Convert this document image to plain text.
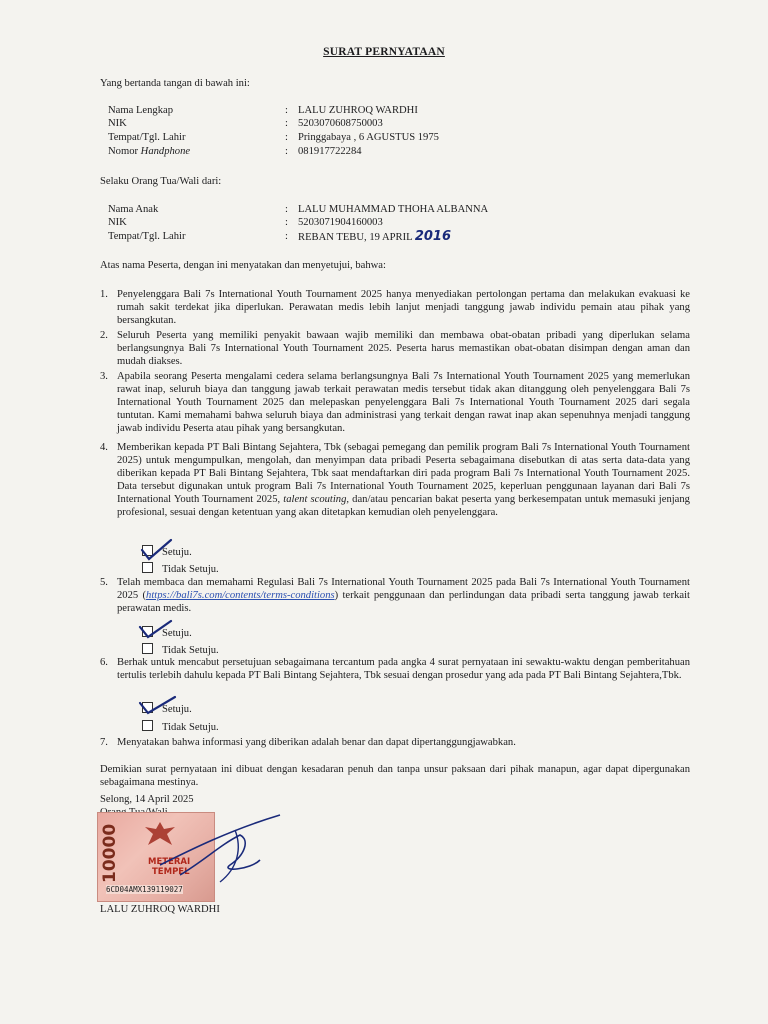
SURAT PERNYATAAN
Yang bertanda tangan di bawah ini:
Nama Lengkap	: LALU ZUHROQ WARDHI
NIK	: 5203070608750003
Tempat/Tgl. Lahir	: Pringgabaya , 6 AGUSTUS 1975
Nomor Handphone	: 081917722284
Selaku Orang Tua/Wali dari:
Nama Anak	: LALU MUHAMMAD THOHA ALBANNA
NIK	: 5203071904160003
Tempat/Tgl. Lahir	: REBAN TEBU, 19 APRIL 2016
Atas nama Peserta, dengan ini menyatakan dan menyetujui, bahwa:
1. Penyelenggara Bali 7s International Youth Tournament 2025 hanya menyediakan pertolongan pertama dan melakukan evakuasi ke rumah sakit terdekat jika diperlukan. Perawatan medis lebih lanjut menjadi tanggung jawab individu pemain atau pihak yang bersangkutan.
2. Seluruh Peserta yang memiliki penyakit bawaan wajib memiliki dan membawa obat-obatan pribadi yang diperlukan selama berlangsungnya Bali 7s International Youth Tournament 2025. Peserta harus memastikan obat-obatan disimpan dengan aman dan mudah diakses.
3. Apabila seorang Peserta mengalami cedera selama berlangsungnya Bali 7s International Youth Tournament 2025 yang memerlukan rawat inap, seluruh biaya dan tanggung jawab terkait perawatan medis tersebut tidak akan ditanggung oleh penyelenggara Bali 7s International Youth Tournament 2025 dan melepaskan penyelenggara Bali 7s International Youth Tournament 2025 dari segala tuntutan. Kami memahami bahwa seluruh biaya dan administrasi yang terkait dengan rawat inap akan sepenuhnya menjadi tanggung jawab individu Peserta atau pihak yang bersangkutan.
4. Memberikan kepada PT Bali Bintang Sejahtera, Tbk (sebagai pemegang dan pemilik program Bali 7s International Youth Tournament 2025) untuk mengumpulkan, mengolah, dan menyimpan data pribadi Peserta sebagaimana disebutkan di atas serta data-data yang diberikan kepada PT Bali Bintang Sejahtera, Tbk saat mendaftarkan diri pada program Bali 7s International Youth Tournament 2025. Data tersebut digunakan untuk program Bali 7s International Youth Tournament 2025, keperluan penggunaan layanan dari Bali 7s International Youth Tournament 2025, talent scouting, dan/atau pencarian bakat peserta yang berkesempatan untuk memasuki jenjang profesional, sesuai dengan ketentuan yang akan ditetapkan kemudian oleh penyelenggara.
Setuju.
Tidak Setuju.
5. Telah membaca dan memahami Regulasi Bali 7s International Youth Tournament 2025 pada Bali 7s International Youth Tournament 2025 (https://bali7s.com/contents/terms-conditions) terkait penggunaan dan perlindungan data pribadi serta tanggung jawab terkait perawatan medis.
Setuju.
Tidak Setuju.
6. Berhak untuk mencabut persetujuan sebagaimana tercantum pada angka 4 surat pernyataan ini sewaktu-waktu dengan pemberitahuan tertulis terlebih dahulu kepada PT Bali Bintang Sejahtera, Tbk sesuai dengan prosedur yang ada pada PT Bali Bintang Sejahtera,Tbk.
Setuju.
Tidak Setuju.
7. Menyatakan bahwa informasi yang diberikan adalah benar dan dapat dipertanggungjawabkan.
Demikian surat pernyataan ini dibuat dengan kesadaran penuh dan tanpa unsur paksaan dari pihak manapun, agar dapat dipergunakan sebagaimana mestinya.
Selong, 14 April 2025
10000	METERAI
TEMPEL
6CD04AMX139119027
LALU ZUHROQ WARDHI
